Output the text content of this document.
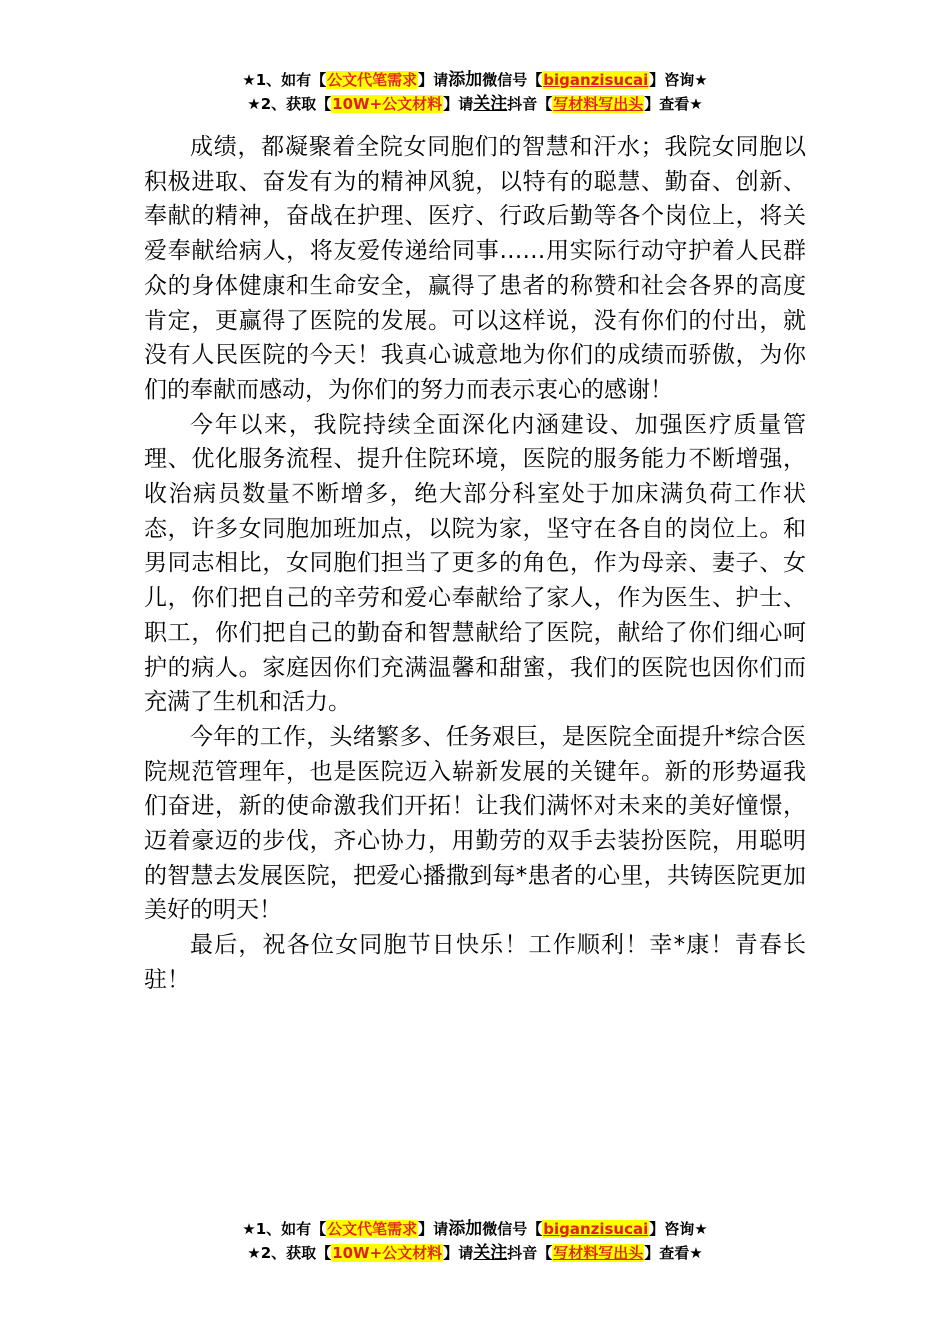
★1、如有【公文代笔需求】请添加微信号【biganzisucai】咨询★
★2、获取【10W+公文材料】请关注抖音【写材料写出头】查看★

成绩，都凝聚着全院女同胞们的智慧和汗水；我院女同胞以积极进取、奋发有为的精神风貌，以特有的聪慧、勤奋、创新、奉献的精神，奋战在护理、医疗、行政后勤等各个岗位上，将关爱奉献给病人，将友爱传递给同事……用实际行动守护着人民群众的身体健康和生命安全，赢得了患者的称赞和社会各界的高度肯定，更赢得了医院的发展。可以这样说，没有你们的付出，就没有人民医院的今天！我真心诚意地为你们的成绩而骄傲，为你们的奉献而感动，为你们的努力而表示衷心的感谢！

今年以来，我院持续全面深化内涵建设、加强医疗质量管理、优化服务流程、提升住院环境，医院的服务能力不断增强，收治病员数量不断增多，绝大部分科室处于加床满负荷工作状态，许多女同胞加班加点，以院为家，坚守在各自的岗位上。和男同志相比，女同胞们担当了更多的角色，作为母亲、妻子、女儿，你们把自己的辛劳和爱心奉献给了家人，作为医生、护士、职工，你们把自己的勤奋和智慧献给了医院，献给了你们细心呵护的病人。家庭因你们充满温馨和甜蜜，我们的医院也因你们而充满了生机和活力。

今年的工作，头绪繁多、任务艰巨，是医院全面提升*综合医院规范管理年，也是医院迈入崭新发展的关键年。新的形势逼我们奋进，新的使命激我们开拓！让我们满怀对未来的美好憧憬，迈着豪迈的步伐，齐心协力，用勤劳的双手去装扮医院，用聪明的智慧去发展医院，把爱心播撒到每*患者的心里，共铸医院更加美好的明天！

最后，祝各位女同胞节日快乐！工作顺利！幸*康！青春长驻！

★1、如有【公文代笔需求】请添加微信号【biganzisucai】咨询★
★2、获取【10W+公文材料】请关注抖音【写材料写出头】查看★
